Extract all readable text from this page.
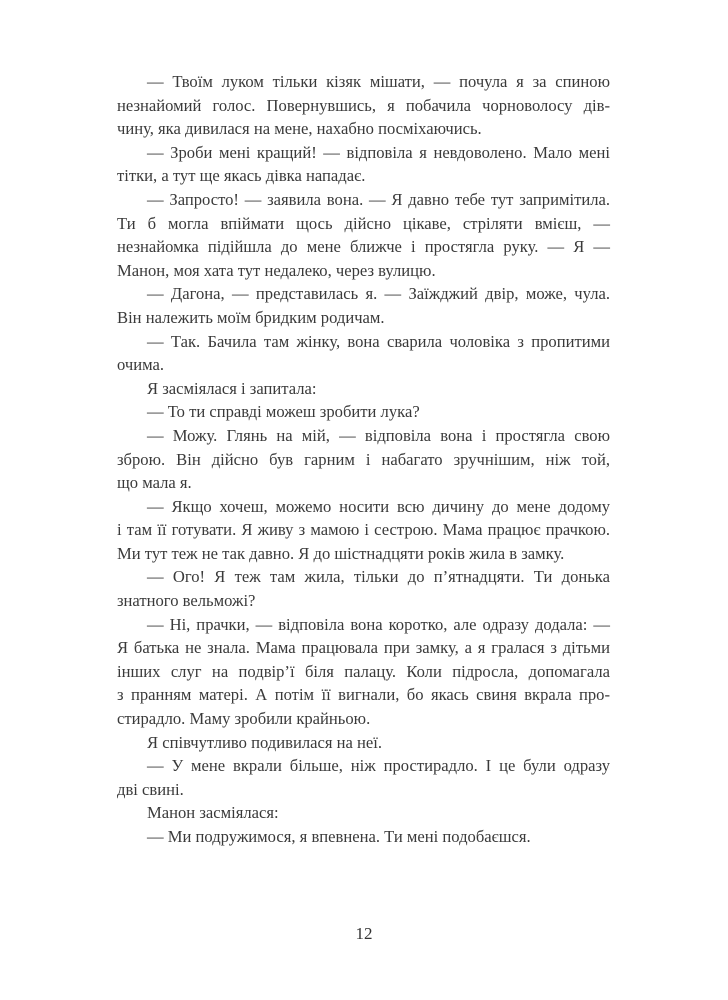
— Твоїм луком тільки кізяк мішати, — почула я за спиною
незнайомий голос. Повернувшись, я побачила чорноволосу дів-
чину, яка дивилася на мене, нахабно посміхаючись.
— Зроби мені кращий! — відповіла я невдоволено. Мало мені
тітки, а тут ще якась дівка нападає.
— Запросто! — заявила вона. — Я давно тебе тут запримітила.
Ти б могла впіймати щось дійсно цікаве, стріляти вмієш, —
незнайомка підійшла до мене ближче і простягла руку. — Я —
Манон, моя хата тут недалеко, через вулицю.
— Дагона, — представилась я. — Заїжджий двір, може, чула.
Він належить моїм бридким родичам.
— Так. Бачила там жінку, вона сварила чоловіка з пропитими
очима.
Я засміялася і запитала:
— То ти справді можеш зробити лука?
— Можу. Глянь на мій, — відповіла вона і простягла свою
зброю. Він дійсно був гарним і набагато зручнішим, ніж той,
що мала я.
— Якщо хочеш, можемо носити всю дичину до мене додому
і там її готувати. Я живу з мамою і сестрою. Мама працює прачкою.
Ми тут теж не так давно. Я до шістнадцяти років жила в замку.
— Ого! Я теж там жила, тільки до п’ятнадцяти. Ти донька
знатного вельможі?
— Ні, прачки, — відповіла вона коротко, але одразу додала: —
Я батька не знала. Мама працювала при замку, а я гралася з дітьми
інших слуг на подвір’ї біля палацу. Коли підросла, допомагала
з пранням матері. А потім її вигнали, бо якась свиня вкрала про-
стирадло. Маму зробили крайньою.
Я співчутливо подивилася на неї.
— У мене вкрали більше, ніж простирадло. І це були одразу
дві свині.
Манон засміялася:
— Ми подружимося, я впевнена. Ти мені подобаєшся.
12
